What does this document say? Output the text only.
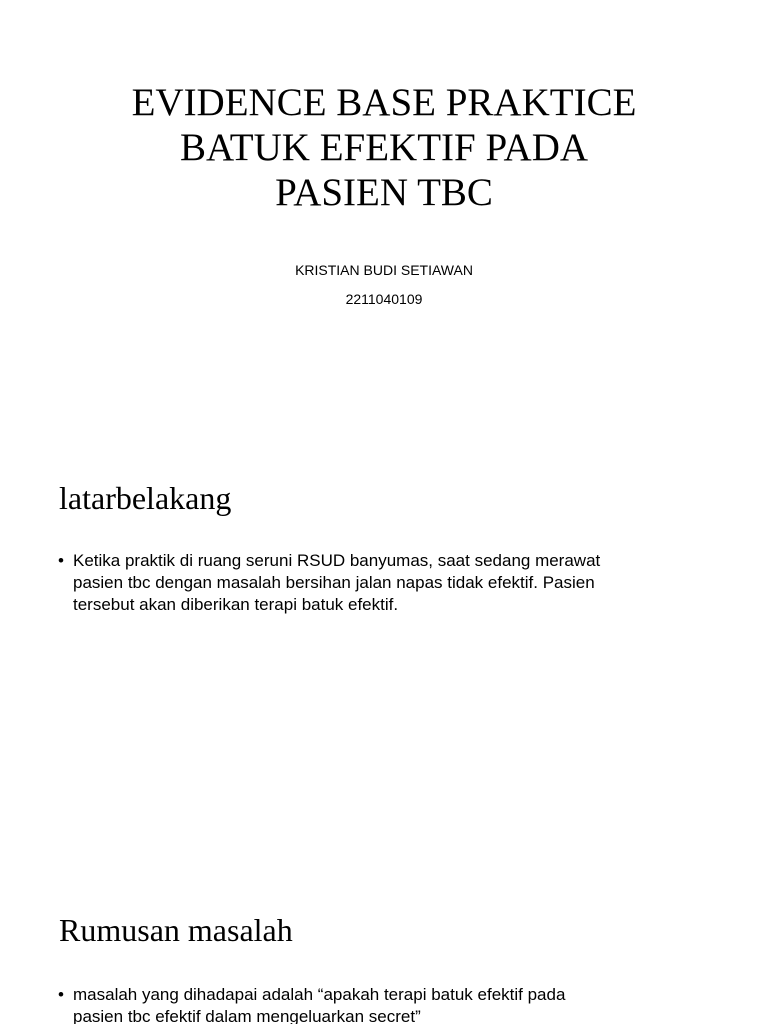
EVIDENCE BASE PRAKTICE
BATUK EFEKTIF PADA
PASIEN TBC
KRISTIAN BUDI SETIAWAN
2211040109
latarbelakang
• Ketika praktik di ruang seruni RSUD banyumas, saat sedang merawat
pasien tbc dengan masalah bersihan jalan napas tidak efektif. Pasien
tersebut akan diberikan terapi batuk efektif.
Rumusan masalah
• masalah yang dihadapai adalah “apakah terapi batuk efektif pada
pasien tbc efektif dalam mengeluarkan secret”
